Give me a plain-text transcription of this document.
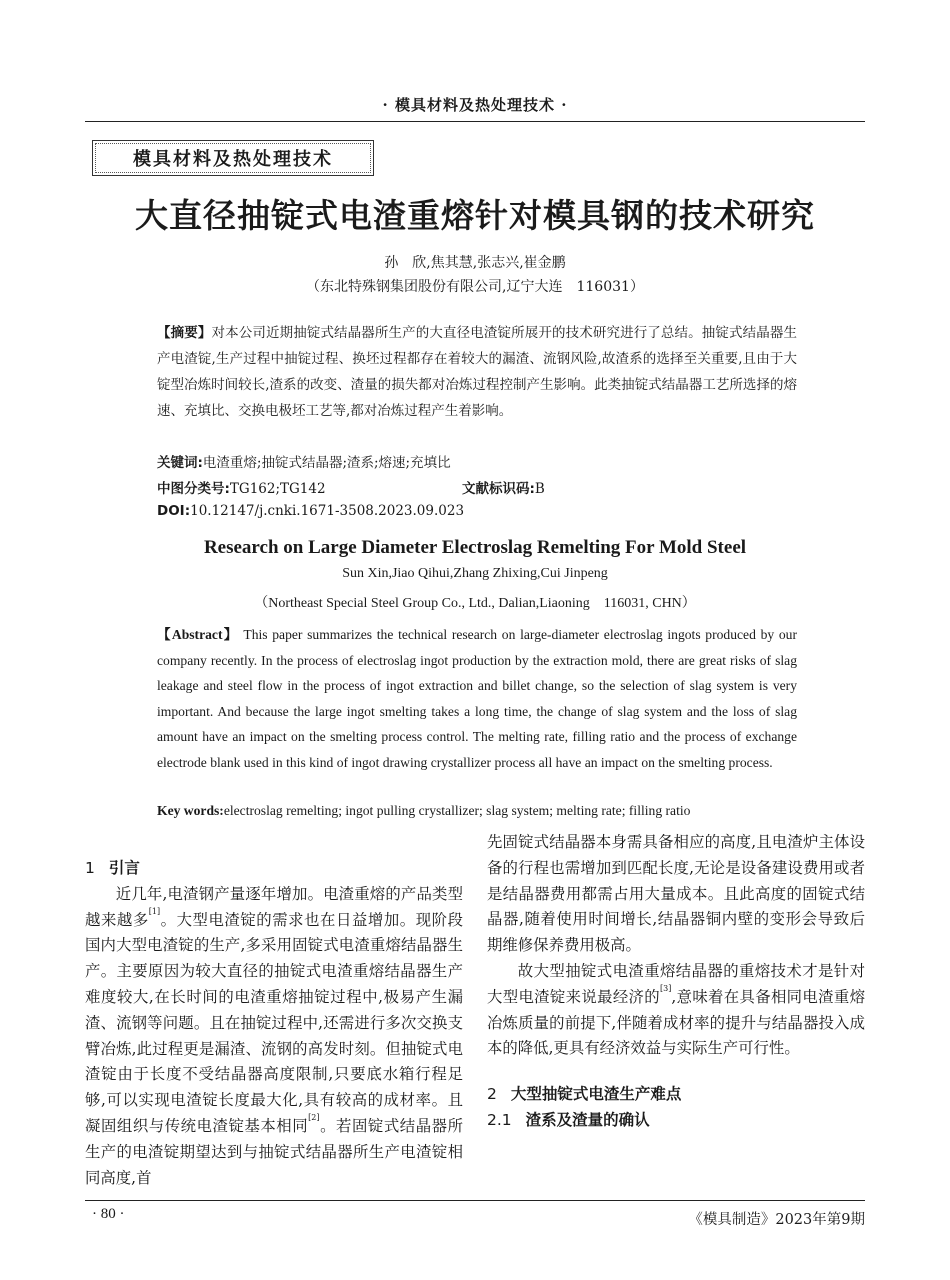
· 模具材料及热处理技术 ·
模具材料及热处理技术
大直径抽锭式电渣重熔针对模具钢的技术研究
孙　欣,焦其慧,张志兴,崔金鹏
（东北特殊钢集团股份有限公司,辽宁大连　116031）
【摘要】对本公司近期抽锭式结晶器所生产的大直径电渣锭所展开的技术研究进行了总结。抽锭式结晶器生产电渣锭,生产过程中抽锭过程、换坯过程都存在着较大的漏渣、流钢风险,故渣系的选择至关重要,且由于大锭型冶炼时间较长,渣系的改变、渣量的损失都对冶炼过程控制产生影响。此类抽锭式结晶器工艺所选择的熔速、充填比、交换电极坯工艺等,都对冶炼过程产生着影响。
关键词:电渣重熔;抽锭式结晶器;渣系;熔速;充填比
中图分类号:TG162;TG142	文献标识码:B
DOI:10.12147/j.cnki.1671-3508.2023.09.023
Research on Large Diameter Electroslag Remelting For Mold Steel
Sun Xin,Jiao Qihui,Zhang Zhixing,Cui Jinpeng
（Northeast Special Steel Group Co., Ltd., Dalian,Liaoning　116031, CHN）
【Abstract】 This paper summarizes the technical research on large-diameter electroslag ingots produced by our company recently. In the process of electroslag ingot production by the extraction mold, there are great risks of slag leakage and steel flow in the process of ingot extraction and billet change, so the selection of slag system is very important. And because the large ingot smelting takes a long time, the change of slag system and the loss of slag amount have an impact on the smelting process control. The melting rate, filling ratio and the process of exchange electrode blank used in this kind of ingot drawing crystallizer process all have an impact on the smelting process.
Key words:electroslag remelting; ingot pulling crystallizer; slag system; melting rate; filling ratio

1 引言

近几年,电渣钢产量逐年增加。电渣重熔的产品类型越来越多[1]。大型电渣锭的需求也在日益增加。现阶段国内大型电渣锭的生产,多采用固锭式电渣重熔结晶器生产。主要原因为较大直径的抽锭式电渣重熔结晶器生产难度较大,在长时间的电渣重熔抽锭过程中,极易产生漏渣、流钢等问题。且在抽锭过程中,还需进行多次交换支臂冶炼,此过程更是漏渣、流钢的高发时刻。但抽锭式电渣锭由于长度不受结晶器高度限制,只要底水箱行程足够,可以实现电渣锭长度最大化,具有较高的成材率。且凝固组织与传统电渣锭基本相同[2]。若固锭式结晶器所生产的电渣锭期望达到与抽锭式结晶器所生产电渣锭相同高度,首

先固锭式结晶器本身需具备相应的高度,且电渣炉主体设备的行程也需增加到匹配长度,无论是设备建设费用或者是结晶器费用都需占用大量成本。且此高度的固锭式结晶器,随着使用时间增长,结晶器铜内壁的变形会导致后期维修保养费用极高。

故大型抽锭式电渣重熔结晶器的重熔技术才是针对大型电渣锭来说最经济的[3],意味着在具备相同电渣重熔冶炼质量的前提下,伴随着成材率的提升与结晶器投入成本的降低,更具有经济效益与实际生产可行性。

2 大型抽锭式电渣生产难点

2.1 渣系及渣量的确认

· 80 ·	《模具制造》2023年第9期
